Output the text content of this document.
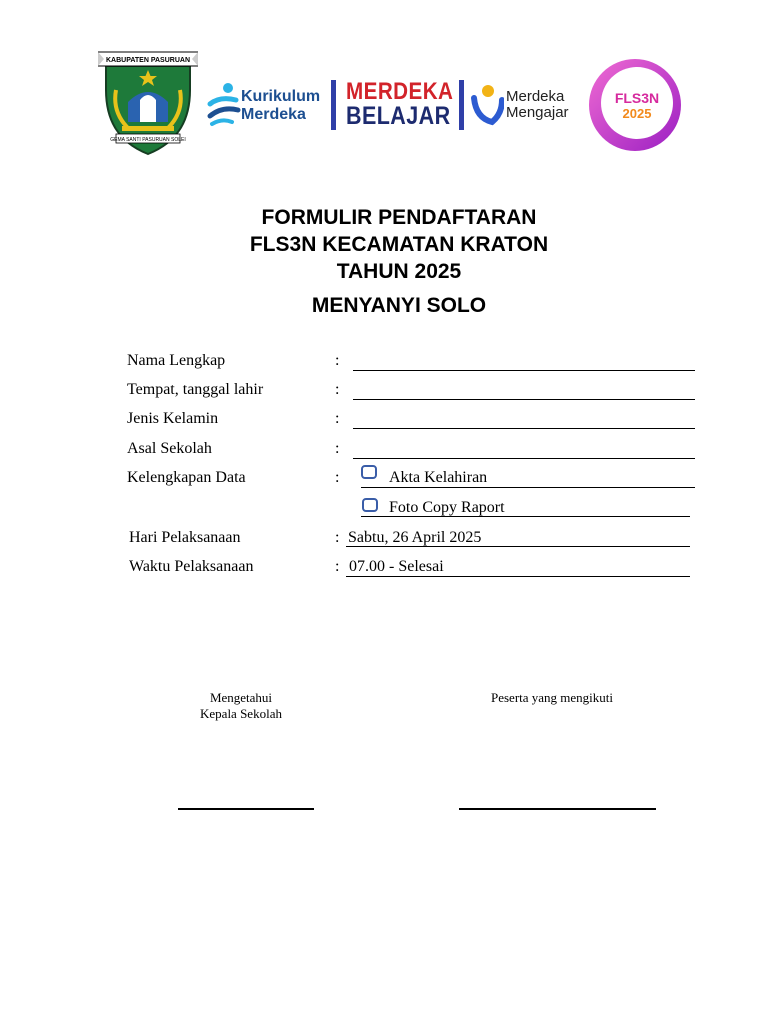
KABUPATEN PASURUAN
GEMA SANTI PASURUAN SOLEI
Kurikulum
Merdeka
MERDEKA
BELAJAR
Merdeka
Mengajar
FLS3N
2025
FORMULIR PENDAFTARAN
FLS3N KECAMATAN KRATON
TAHUN 2025
MENYANYI SOLO
Nama Lengkap	:
Tempat, tanggal lahir	:
Jenis Kelamin	:
Asal Sekolah	:
Kelengkapan Data	:	Akta Kelahiran
Foto Copy Raport
Hari Pelaksanaan	: Sabtu, 26 April 2025
Waktu Pelaksanaan	: 07.00 - Selesai
Mengetahui
Kepala Sekolah
Peserta yang mengikuti
